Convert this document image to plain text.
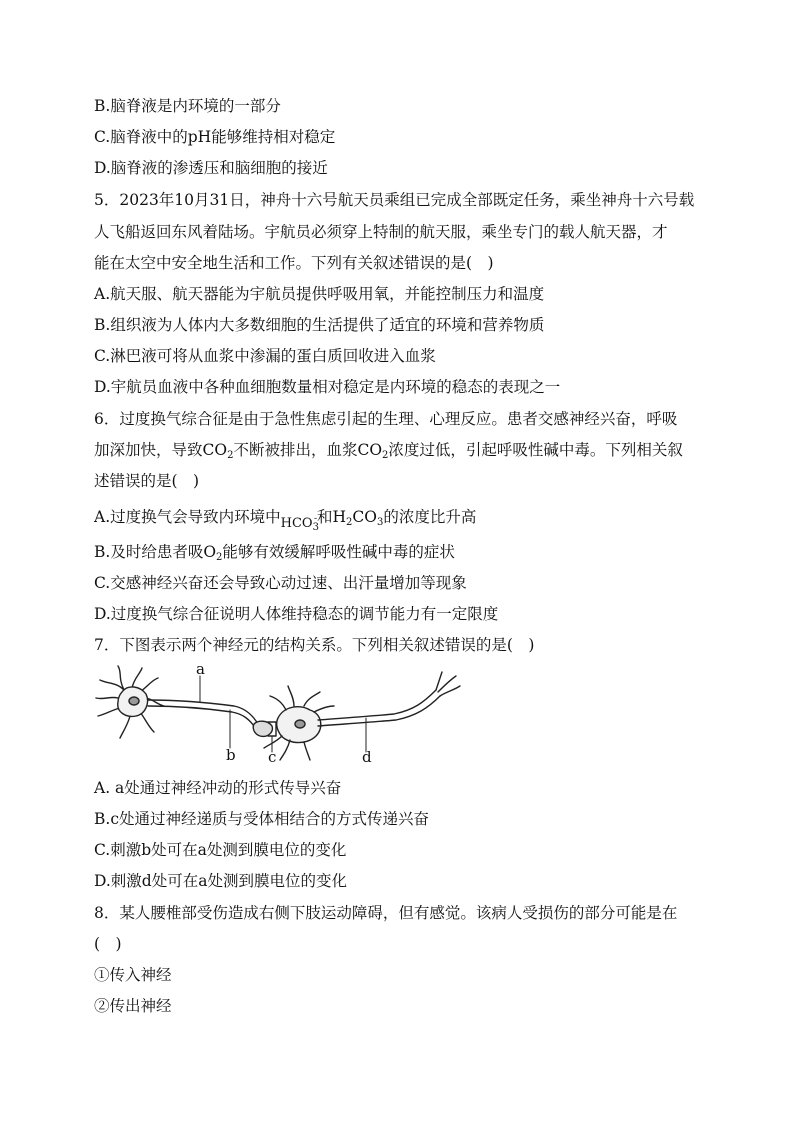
B.脑脊液是内环境的一部分
C.脑脊液中的pH能够维持相对稳定
D.脑脊液的渗透压和脑细胞的接近
5．2023年10月31日，神舟十六号航天员乘组已完成全部既定任务，乘坐神舟十六号载
人飞船返回东风着陆场。宇航员必须穿上特制的航天服，乘坐专门的载人航天器，才
能在太空中安全地生活和工作。下列有关叙述错误的是(　)
A.航天服、航天器能为宇航员提供呼吸用氧，并能控制压力和温度
B.组织液为人体内大多数细胞的生活提供了适宜的环境和营养物质
C.淋巴液可将从血浆中渗漏的蛋白质回收进入血浆
D.宇航员血液中各种血细胞数量相对稳定是内环境的稳态的表现之一
6．过度换气综合征是由于急性焦虑引起的生理、心理反应。患者交感神经兴奋，呼吸
加深加快，导致$CO_2$不断被排出，血浆$CO_2$浓度过低，引起呼吸性碱中毒。下列相关叙
述错误的是(　)
A.过度换气会导致内环境中$_{HCO_3^-}$和$H_2CO_3$的浓度比升高
B.及时给患者吸$O_2$能够有效缓解呼吸性碱中毒的症状
C.交感神经兴奋还会导致心动过速、出汗量增加等现象
D.过度换气综合征说明人体维持稳态的调节能力有一定限度
7．下图表示两个神经元的结构关系。下列相关叙述错误的是(　)
a
b c	d
A. a处通过神经冲动的形式传导兴奋
B.c处通过神经递质与受体相结合的方式传递兴奋
C.刺激b处可在a处测到膜电位的变化
D.刺激d处可在a处测到膜电位的变化
8．某人腰椎部受伤造成右侧下肢运动障碍，但有感觉。该病人受损伤的部分可能是在
(　)
①传入神经
②传出神经
